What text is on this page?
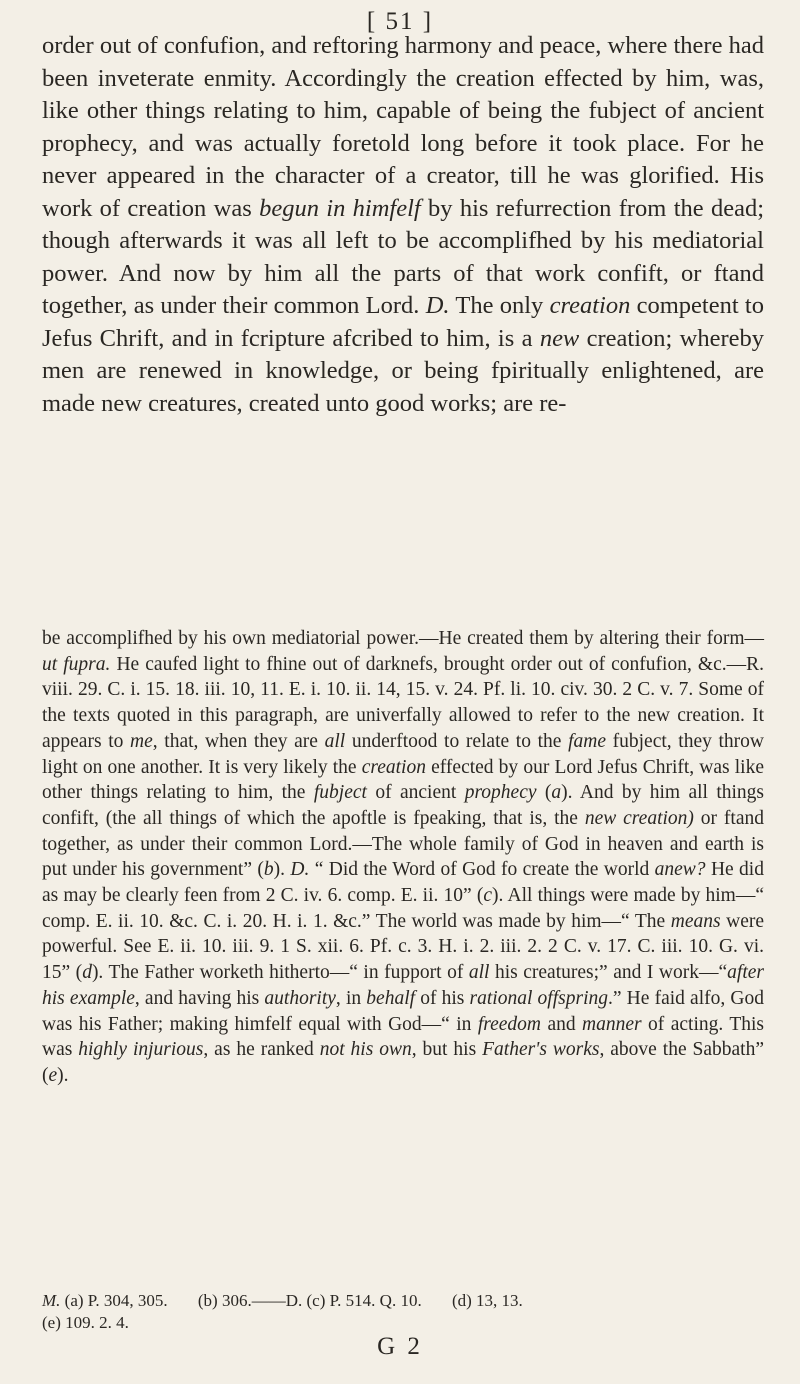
[ 51 ]

order out of confufion, and reftoring harmony and peace, where there had been inveterate enmity. Accordingly the creation effected by him, was, like other things relating to him, capable of being the fubject of ancient prophecy, and was actually foretold long before it took place. For he never appeared in the character of a creator, till he was glorified. His work of creation was begun in himfelf by his refurrection from the dead; though afterwards it was all left to be accomplifhed by his mediatorial power. And now by him all the parts of that work confift, or ftand together, as under their common Lord. D. The only creation competent to Jefus Chrift, and in fcripture afcribed to him, is a new creation; whereby men are renewed in knowledge, or being fpiritually enlightened, are made new creatures, created unto good works; are re-

be accomplifhed by his own mediatorial power.—He created them by altering their form—ut fupra. He caufed light to fhine out of darknefs, brought order out of confufion, &c.—R. viii. 29. C. i. 15. 18. iii. 10, 11. E. i. 10. ii. 14, 15. v. 24. Pf. li. 10. civ. 30. 2 C. v. 7. Some of the texts quoted in this paragraph, are univerfally allowed to refer to the new creation. It appears to me, that, when they are all underftood to relate to the fame fubject, they throw light on one another. It is very likely the creation effected by our Lord Jefus Chrift, was like other things relating to him, the fubject of ancient prophecy (a). And by him all things confift, (the all things of which the apoftle is fpeaking, that is, the new creation) or ftand together, as under their common Lord.—The whole family of God in heaven and earth is put under his government” (b). D. “ Did the Word of God fo create the world anew? He did as may be clearly feen from 2 C. iv. 6. comp. E. ii. 10” (c). All things were made by him—“ comp. E. ii. 10. &c. C. i. 20. H. i. 1. &c.” The world was made by him—“ The means were powerful. See E. ii. 10. iii. 9. 1 S. xii. 6. Pf. c. 3. H. i. 2. iii. 2. 2 C. v. 17. C. iii. 10. G. vi. 15” (d). The Father worketh hitherto—“ in fupport of all his creatures;” and I work—“after his example, and having his authority, in behalf of his rational offspring.” He faid alfo, God was his Father; making himfelf equal with God—“ in freedom and manner of acting. This was highly injurious, as he ranked not his own, but his Father's works, above the Sabbath” (e).

M. (a) P. 304, 305. (b) 306.——D. (c) P. 514. Q. 10. (d) 13, 13.
(e) 109. 2. 4.
G 2
